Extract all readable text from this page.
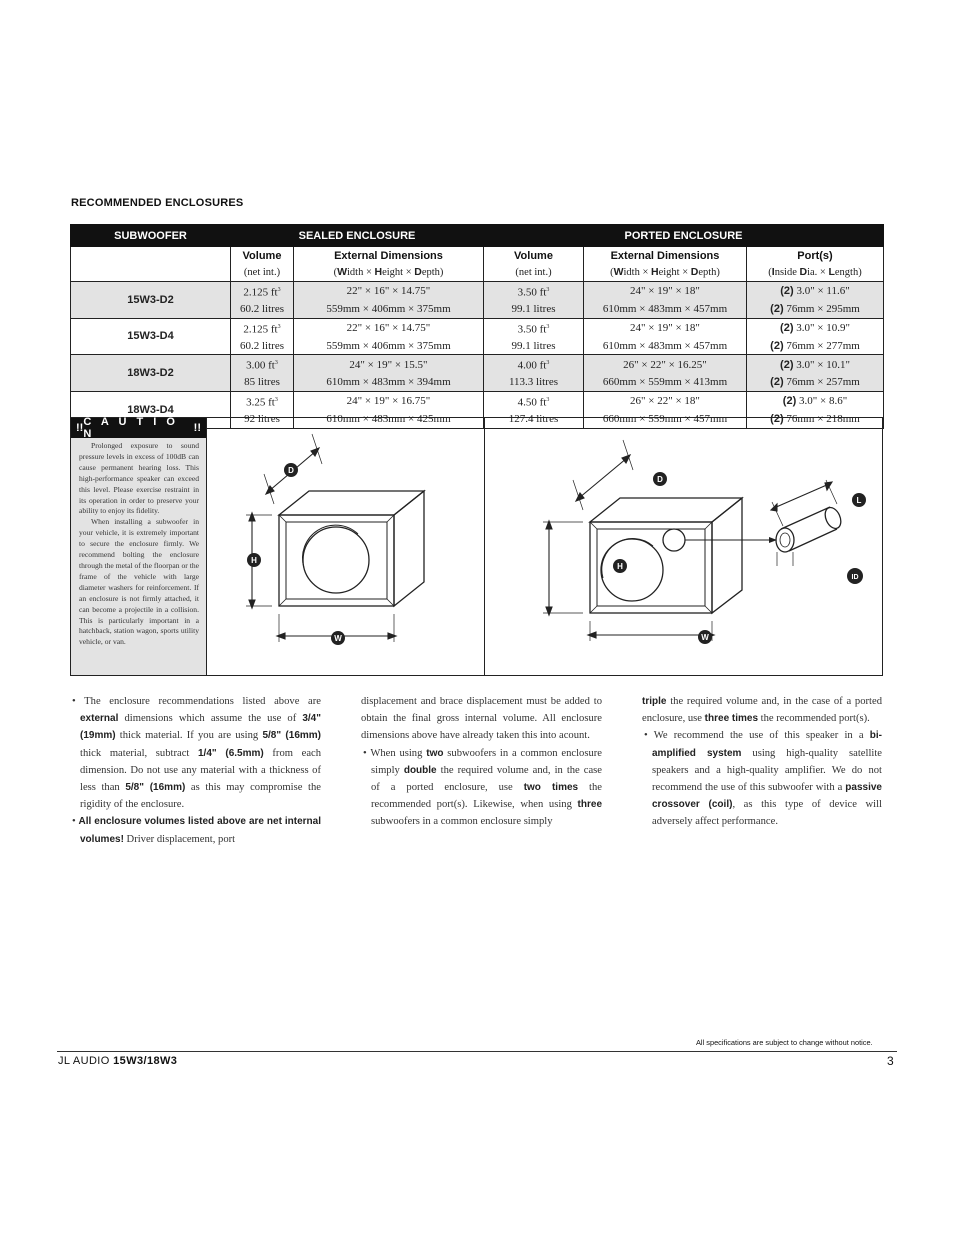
RECOMMENDED ENCLOSURES
SUBWOOFER	SEALED ENCLOSURE		PORTED ENCLOSURE		
	Volume	External Dimensions	Volume	External Dimensions	Port(s)
	(net int.)	(Width × Height × Depth)	(net int.)	(Width × Height × Depth)	(Inside Dia. × Length)
15W3-D2	2.125 $ft^3$	22" × 16" × 14.75"	3.50 $ft^3$	24" × 19" × 18"	(2) 3.0" × 11.6"
	60.2 litres	559mm × 406mm × 375mm	99.1 litres	610mm × 483mm × 457mm	(2) 76mm × 295mm
15W3-D4	2.125 $ft^3$	22" × 16" × 14.75"	3.50 $ft^3$	24" × 19" × 18"	(2) 3.0" × 10.9"
	60.2 litres	559mm × 406mm × 375mm	99.1 litres	610mm × 483mm × 457mm	(2) 76mm × 277mm
18W3-D2	3.00 $ft^3$	24" × 19" × 15.5"	4.00 $ft^3$	26" × 22" × 16.25"	(2) 3.0" × 10.1"
	85 litres	610mm × 483mm × 394mm	113.3 litres	660mm × 559mm × 413mm	(2) 76mm × 257mm
18W3-D4	3.25 $ft^3$	24" × 19" × 16.75"	4.50 $ft^3$	26" × 22" × 18"	(2) 3.0" × 8.6"
	92 litres	610mm × 483mm × 425mm	127.4 litres	660mm × 559mm × 457mm	(2) 76mm × 218mm
!! C A U T I O N	!!

Prolonged exposure to sound pressure levels in excess of 100dB can cause permanent hearing loss. This high-performance speaker can exceed this level. Please exercise restraint in its operation in order to preserve your ability to enjoy its fidelity.

When installing a subwoofer in your vehicle, it is extremely important to secure the enclosure firmly. We recommend bolting the enclosure through the metal of the floorpan or the frame of the vehicle with large diameter washers for reinforcement. If an enclosure is not firmly attached, it can become a projectile in a collision. This is particularly important in a hatchback, station wagon, sports utility vehicle, or van.

D
H
W
D
H
W
L
ID

• The enclosure recommendations listed above are external dimensions which assume the use of 3/4" (19mm) thick material. If you are using 5/8" (16mm) thick material, subtract 1/4" (6.5mm) from each dimension. Do not use any material with a thickness of less than 5/8" (16mm) as this may compromise the rigidity of the enclosure.

• All enclosure volumes listed above are net internal volumes! Driver displacement, port

displacement and brace displacement must be added to obtain the final gross internal volume. All enclosure dimensions above have already taken this into acount.

• When using two subwoofers in a common enclosure simply double the required volume and, in the case of a ported enclosure, use two times the recommended port(s). Likewise, when using three subwoofers in a common enclosure simply

triple the required volume and, in the case of a ported enclosure, use three times the recommended port(s).

• We recommend the use of this speaker in a bi-amplified system using high-quality satellite speakers and a high-quality amplifier. We do not recommend the use of this subwoofer with a passive crossover (coil), as this type of device will adversely affect performance.

All specifications are subject to change without notice.
JL AUDIO 15W3/18W3	3
